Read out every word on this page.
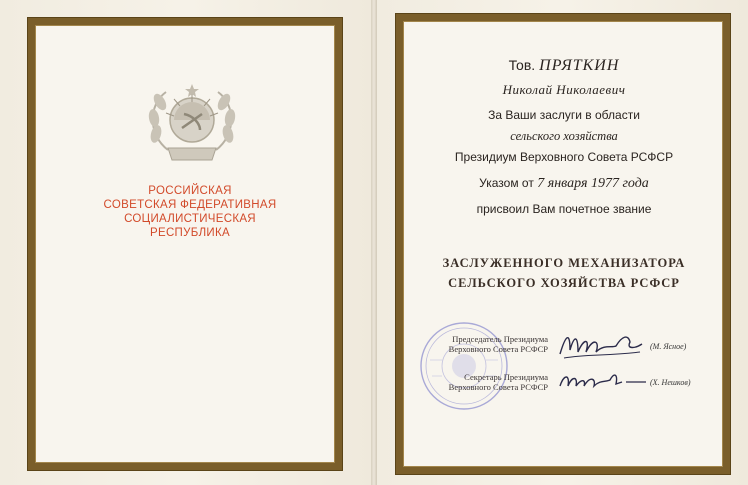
РОССИЙСКАЯ
СОВЕТСКАЯ ФЕДЕРАТИВНАЯ
СОЦИАЛИСТИЧЕСКАЯ
РЕСПУБЛИКА
Тов. ПРЯТКИН
Николай Николаевич
За Ваши заслуги в области
сельского хозяйства
Президиум Верховного Совета РСФСР
Указом от 7 января 1977 года
присвоил Вам почетное звание
ЗАСЛУЖЕННОГО МЕХАНИЗАТОРА
СЕЛЬСКОГО ХОЗЯЙСТВА РСФСР
Председатель Президиума
Верховного Совета РСФСР	(М. Ясное)
Секретарь Президиума
Верховного Совета РСФСР	(Х. Нешков)
